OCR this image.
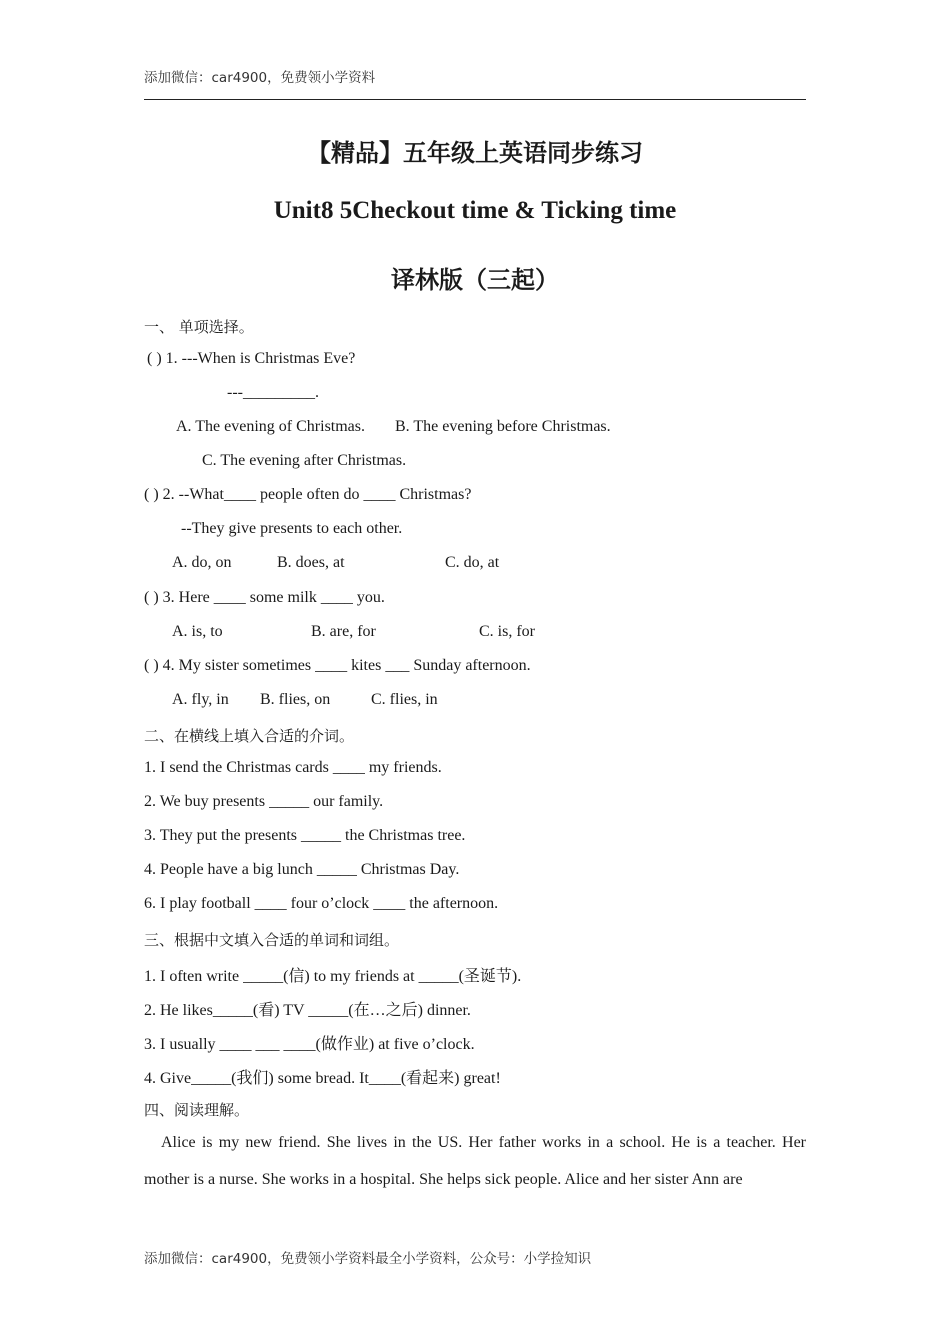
添加微信：car4900，免费领小学资料
【精品】五年级上英语同步练习
Unit8 5Checkout time & Ticking time
译林版（三起）
一、 单项选择。
( ) 1. ---When is Christmas Eve?
---_________.
A. The evening of Christmas. B. The evening before Christmas.
C. The evening after Christmas.
( ) 2. --What____ people often do ____ Christmas?
--They give presents to each other.
A. do, on	B. does, at	C. do, at
( ) 3. Here ____ some milk ____ you.
A. is, to	B. are, for	C. is, for
( ) 4. My sister sometimes ____ kites ___ Sunday afternoon.
A. fly, in B. flies, on	C. flies, in
二、在横线上填入合适的介词。
1. I send the Christmas cards ____ my friends.
2. We buy presents _____ our family.
3. They put the presents _____ the Christmas tree.
4. People have a big lunch _____ Christmas Day.
6. I play football ____ four o’clock ____ the afternoon.
三、根据中文填入合适的单词和词组。
1. I often write _____(信) to my friends at _____(圣诞节).
2. He likes_____(看) TV _____(在…之后) dinner.
3. I usually ____ ___ ____(做作业) at five o’clock.
4. Give_____(我们) some bread. It____(看起来) great!
四、阅读理解。
Alice is my new friend. She lives in the US. Her father works in a school. He is a teacher. Her mother is a nurse. She works in a hospital. She helps sick people. Alice and her sister Ann are
添加微信：car4900，免费领小学资料最全小学资料，公众号：小学捡知识
